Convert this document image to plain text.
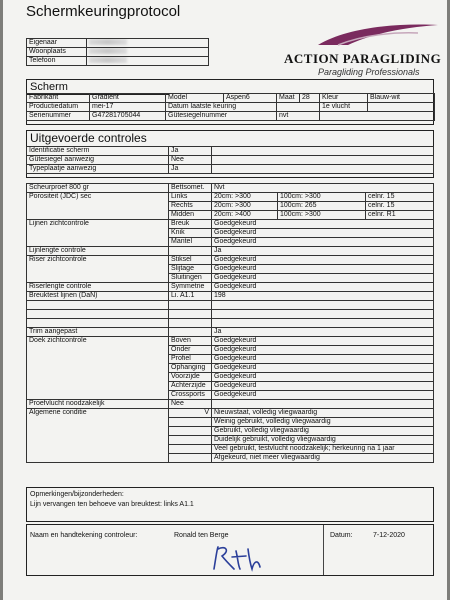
Schermkeuringprotocol
Eigenaar	
Woonplaats	
Telefoon		ACTION PARAGLIDING
Paragliding Professionals
Scherm
Fabrikant	Gradient	Model	Aspen6	Maat	28	Kleur	Blauw-wit
Productiedatum	mei-17	Datum laatste keuring				1e vlucht	
Serienummer	G47281705044	Gütesiegelnummer		nvt			
Uitgevoerde controles
Identificatie scherm	Ja	
Gütesiegel aanwezig	Nee	
Typeplaatje aanwezig	Ja	
Scheurproef 800 gr	Bettsomet.	Nvt		
Porositeit (JDC) sec	Links	20cm: >300	100cm: >300	celnr. 15
	Rechts	20cm: >300	100cm: 265	celnr. 15
	Midden	20cm: >400	100cm: >300	celnr. R1
Lijnen zichtcontrole	Breuk	Goedgekeurd		
	Knik	Goedgekeurd		
	Mantel	Goedgekeurd		
Lijnlengte controle		Ja		
Riser zichtcontrole	Stiksel	Goedgekeurd		
	Slijtage	Goedgekeurd		
	Sluitingen	Goedgekeurd		
Riserlengte controle	Symmetrie	Goedgekeurd		
Breuktest lijnen (DaN)	Li. A1.1	198		

Trim aangepast		Ja		
Doek zichtcontrole	Boven	Goedgekeurd		
	Onder	Goedgekeurd		
	Profiel	Goedgekeurd		
	Ophanging	Goedgekeurd		
	Voorzijde	Goedgekeurd		
	Achterzijde	Goedgekeurd		
	Crossports	Goedgekeurd		
Proefvlucht noodzakelijk	Nee			
Algemene conditie	V	Nieuwstaat, volledig vliegwaardig		
		Weinig gebruikt, volledig vliegwaardig		
		Gebruikt, volledig vliegwaardig		
		Duidelijk gebruikt, volledig vliegwaardig		
		Veel gebruikt, testvlucht noodzakelijk; herkeuring na 1 jaar		
		Afgekeurd, niet meer vliegwaardig		
Opmerkingen/bijzonderheden:
Lijn vervangen ten behoeve van breuktest: links A1.1
Naam en handtekening controleur:	Ronald ten Berge	Datum:	7-12-2020
